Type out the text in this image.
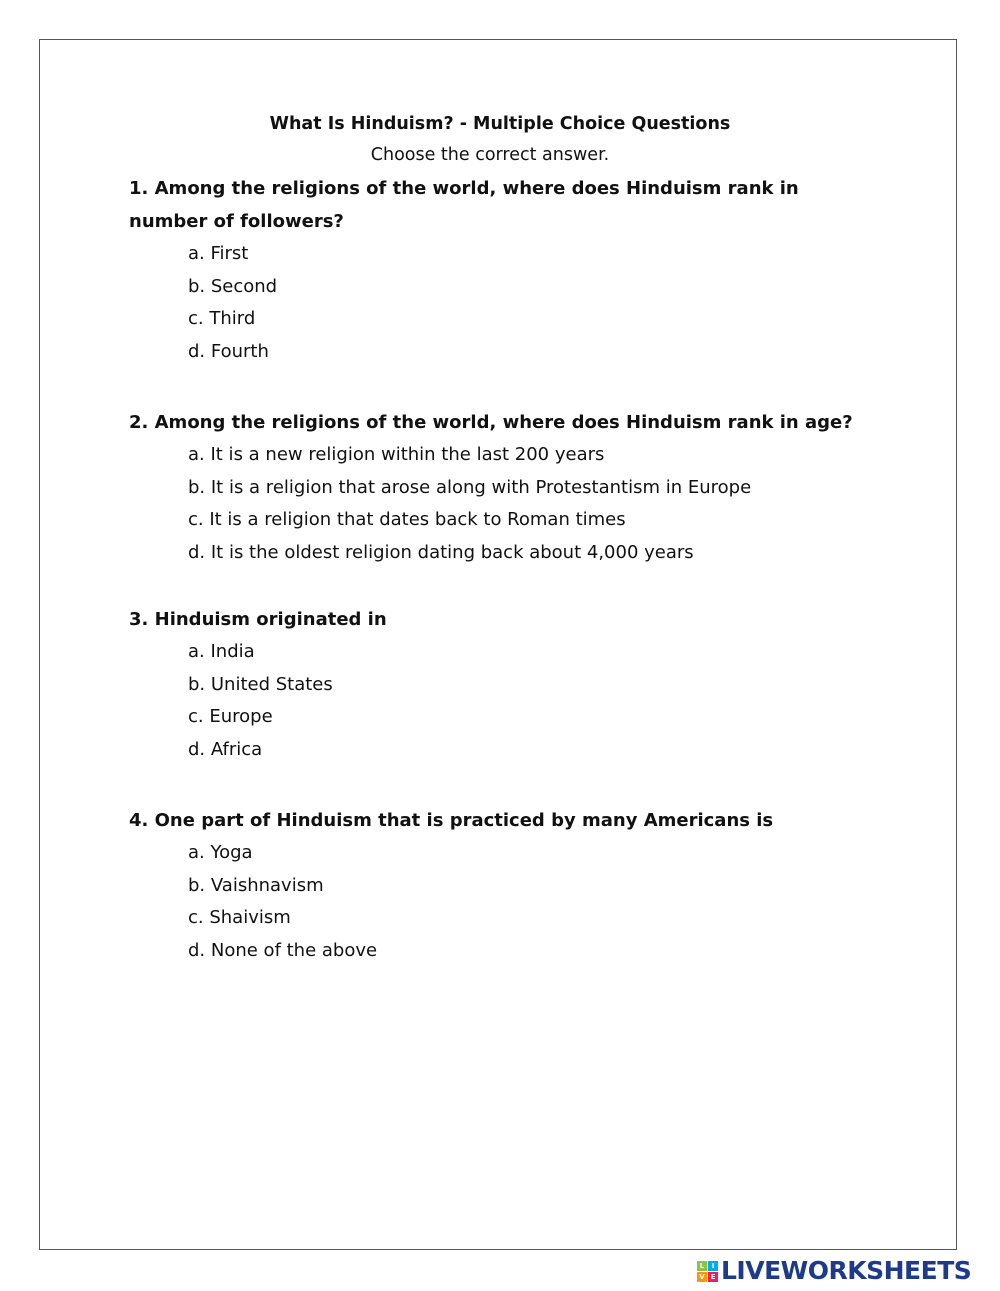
What Is Hinduism? - Multiple Choice Questions
Choose the correct answer.
1. Among the religions of the world, where does Hinduism rank in number of followers?
a. First
b. Second
c. Third
d. Fourth
2. Among the religions of the world, where does Hinduism rank in age?
a. It is a new religion within the last 200 years
b. It is a religion that arose along with Protestantism in Europe
c. It is a religion that dates back to Roman times
d. It is the oldest religion dating back about 4,000 years
3. Hinduism originated in
a. India
b. United States
c. Europe
d. Africa
4. One part of Hinduism that is practiced by many Americans is
a. Yoga
b. Vaishnavism
c. Shaivism
d. None of the above
L	I
V E LIVEWORKSHEETS
